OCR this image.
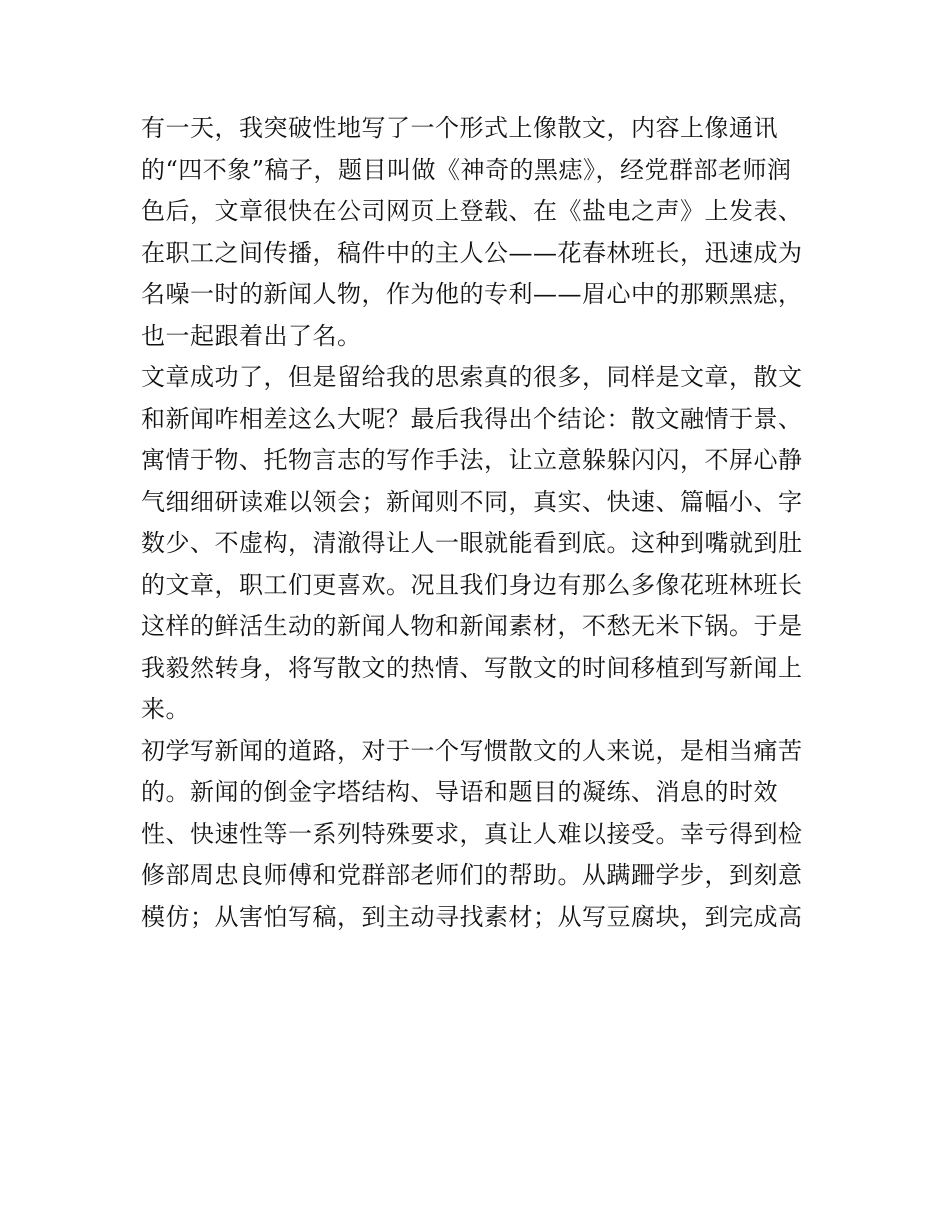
有一天，我突破性地写了一个形式上像散文，内容上像通讯
的“四不象”稿子，题目叫做《神奇的黑痣》，经党群部老师润
色后，文章很快在公司网页上登载、在《盐电之声》上发表、
在职工之间传播，稿件中的主人公——花春林班长，迅速成为
名噪一时的新闻人物，作为他的专利——眉心中的那颗黑痣，
也一起跟着出了名。
文章成功了，但是留给我的思索真的很多，同样是文章，散文
和新闻咋相差这么大呢？最后我得出个结论：散文融情于景、
寓情于物、托物言志的写作手法，让立意躲躲闪闪，不屏心静
气细细研读难以领会；新闻则不同，真实、快速、篇幅小、字
数少、不虚构，清澈得让人一眼就能看到底。这种到嘴就到肚
的文章，职工们更喜欢。况且我们身边有那么多像花班林班长
这样的鲜活生动的新闻人物和新闻素材，不愁无米下锅。于是
我毅然转身，将写散文的热情、写散文的时间移植到写新闻上
来。
初学写新闻的道路，对于一个写惯散文的人来说，是相当痛苦
的。新闻的倒金字塔结构、导语和题目的凝练、消息的时效
性、快速性等一系列特殊要求，真让人难以接受。幸亏得到检
修部周忠良师傅和党群部老师们的帮助。从蹒跚学步，到刻意
模仿；从害怕写稿，到主动寻找素材；从写豆腐块，到完成高
